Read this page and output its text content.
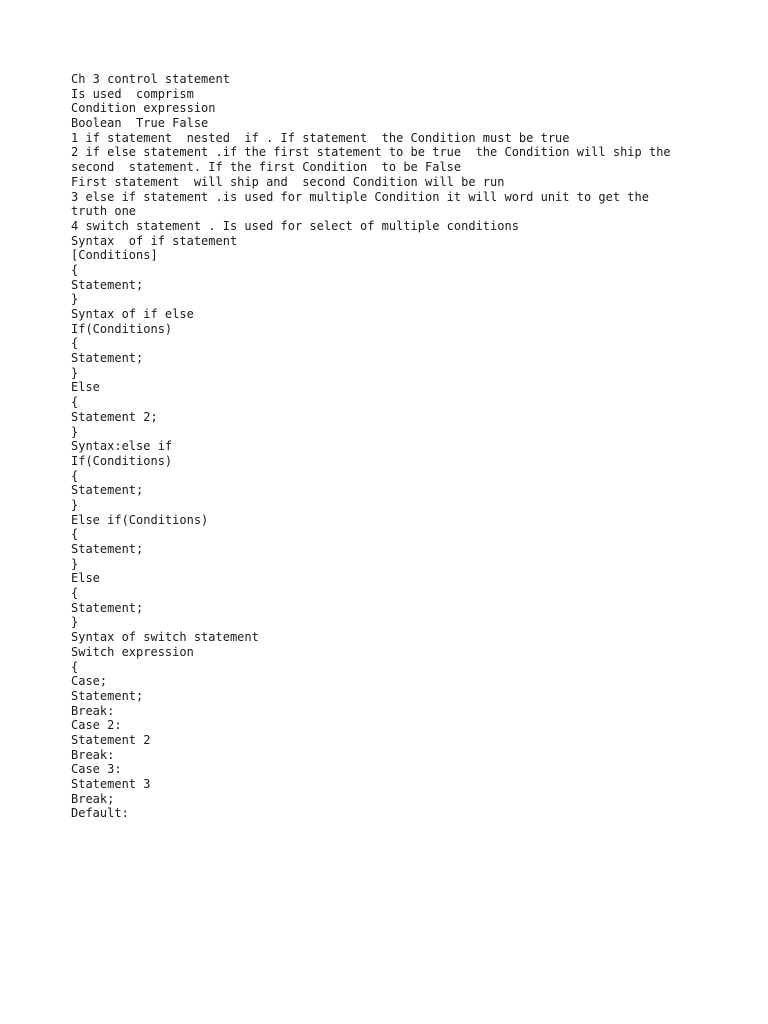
Ch 3 control statement
Is used  comprism
Condition expression
Boolean  True False
1 if statement  nested  if . If statement  the Condition must be true
2 if else statement .if the first statement to be true  the Condition will ship the
second  statement. If the first Condition  to be False
First statement  will ship and  second Condition will be run
3 else if statement .is used for multiple Condition it will word unit to get the
truth one
4 switch statement . Is used for select of multiple conditions
Syntax  of if statement
[Conditions]
{
Statement;
}
Syntax of if else
If(Conditions)
{
Statement;
}
Else
{
Statement 2;
}
Syntax:else if
If(Conditions)
{
Statement;
}
Else if(Conditions)
{
Statement;
}
Else
{
Statement;
}
Syntax of switch statement
Switch expression
{
Case;
Statement;
Break:
Case 2:
Statement 2
Break:
Case 3:
Statement 3
Break;
Default:
